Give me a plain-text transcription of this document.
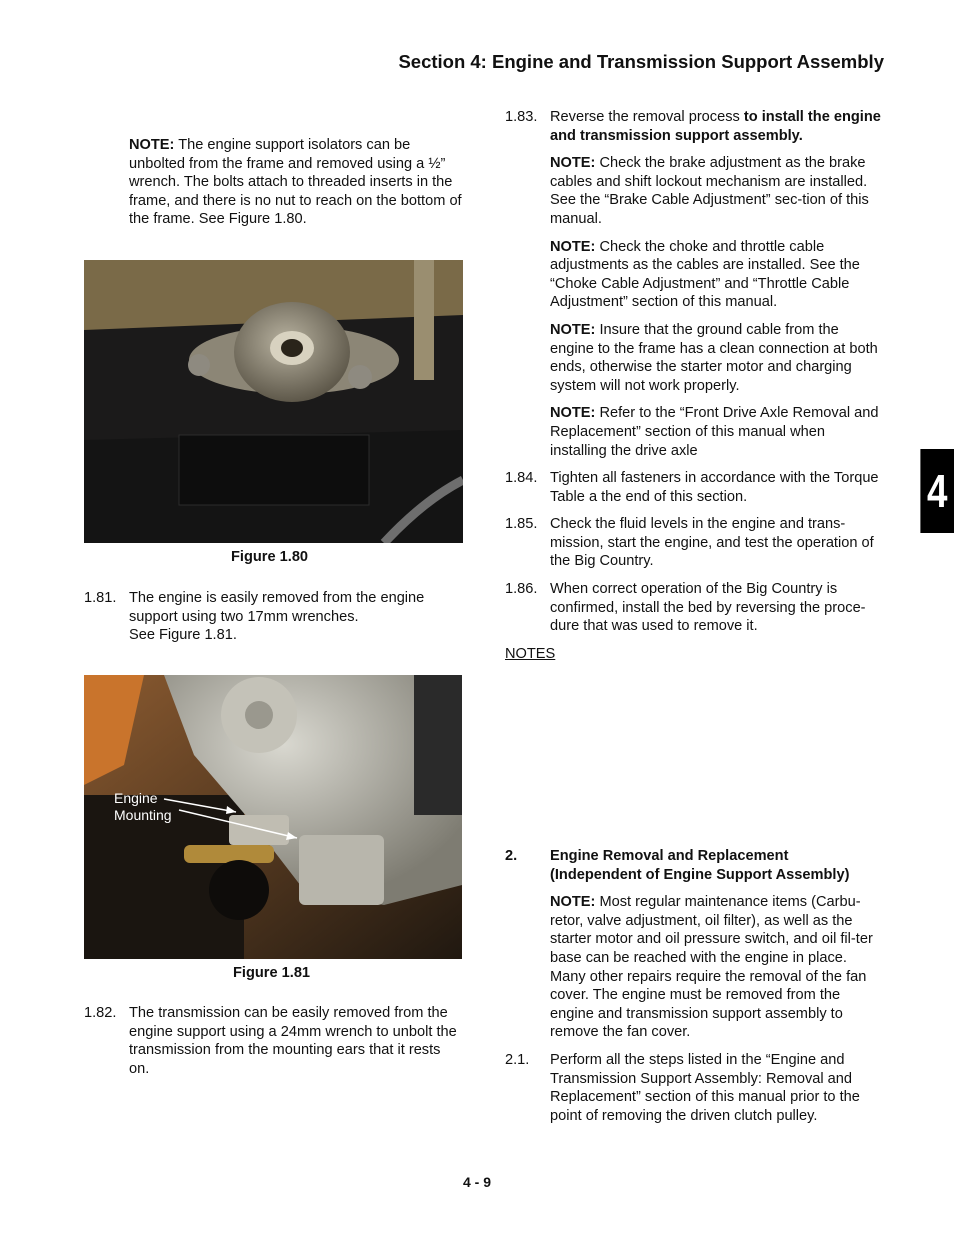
Section 4: Engine and Transmission Support Assembly

NOTE: The engine support isolators can be unbolted from the frame and removed using a ½” wrench. The bolts attach to threaded inserts in the frame, and there is no nut to reach on the bottom of the frame. See Figure 1.80.

Figure 1.80
1.81. The engine is easily removed from the engine support using two 17mm wrenches.

See Figure 1.81.

Engine
Mounting
Figure 1.81
1.82. The transmission can be easily removed from the engine support using a 24mm wrench to unbolt the transmission from the mounting ears that it rests on.

1.83. Reverse the removal process to install the engine and transmission support assembly.

NOTE: Check the brake adjustment as the brake cables and shift lockout mechanism are installed. See the “Brake Cable Adjustment” sec-tion of this manual.

NOTE: Check the choke and throttle cable adjustments as the cables are installed. See the “Choke Cable Adjustment” and “Throttle Cable Adjustment” section of this manual.

NOTE: Insure that the ground cable from the engine to the frame has a clean connection at both ends, otherwise the starter motor and charging system will not work properly.

NOTE: Refer to the “Front Drive Axle Removal and Replacement” section of this manual when installing the drive axle

1.84. Tighten all fasteners in accordance with the Torque Table a the end of this section.

1.85. Check the fluid levels in the engine and trans-mission, start the engine, and test the operation of the Big Country.

1.86. When correct operation of the Big Country is confirmed, install the bed by reversing the proce-dure that was used to remove it.

NOTES

2. Engine Removal and Replacement

(Independent of Engine Support Assembly)

NOTE: Most regular maintenance items (Carbu-retor, valve adjustment, oil filter), as well as the starter motor and oil pressure switch, and oil fil-ter base can be reached with the engine in place. Many other repairs require the removal of the fan cover. The engine must be removed from the engine and transmission support assembly to remove the fan cover.

2.1. Perform all the steps listed in the “Engine and Transmission Support Assembly: Removal and Replacement” section of this manual prior to the point of removing the driven clutch pulley.

4
4 - 9
